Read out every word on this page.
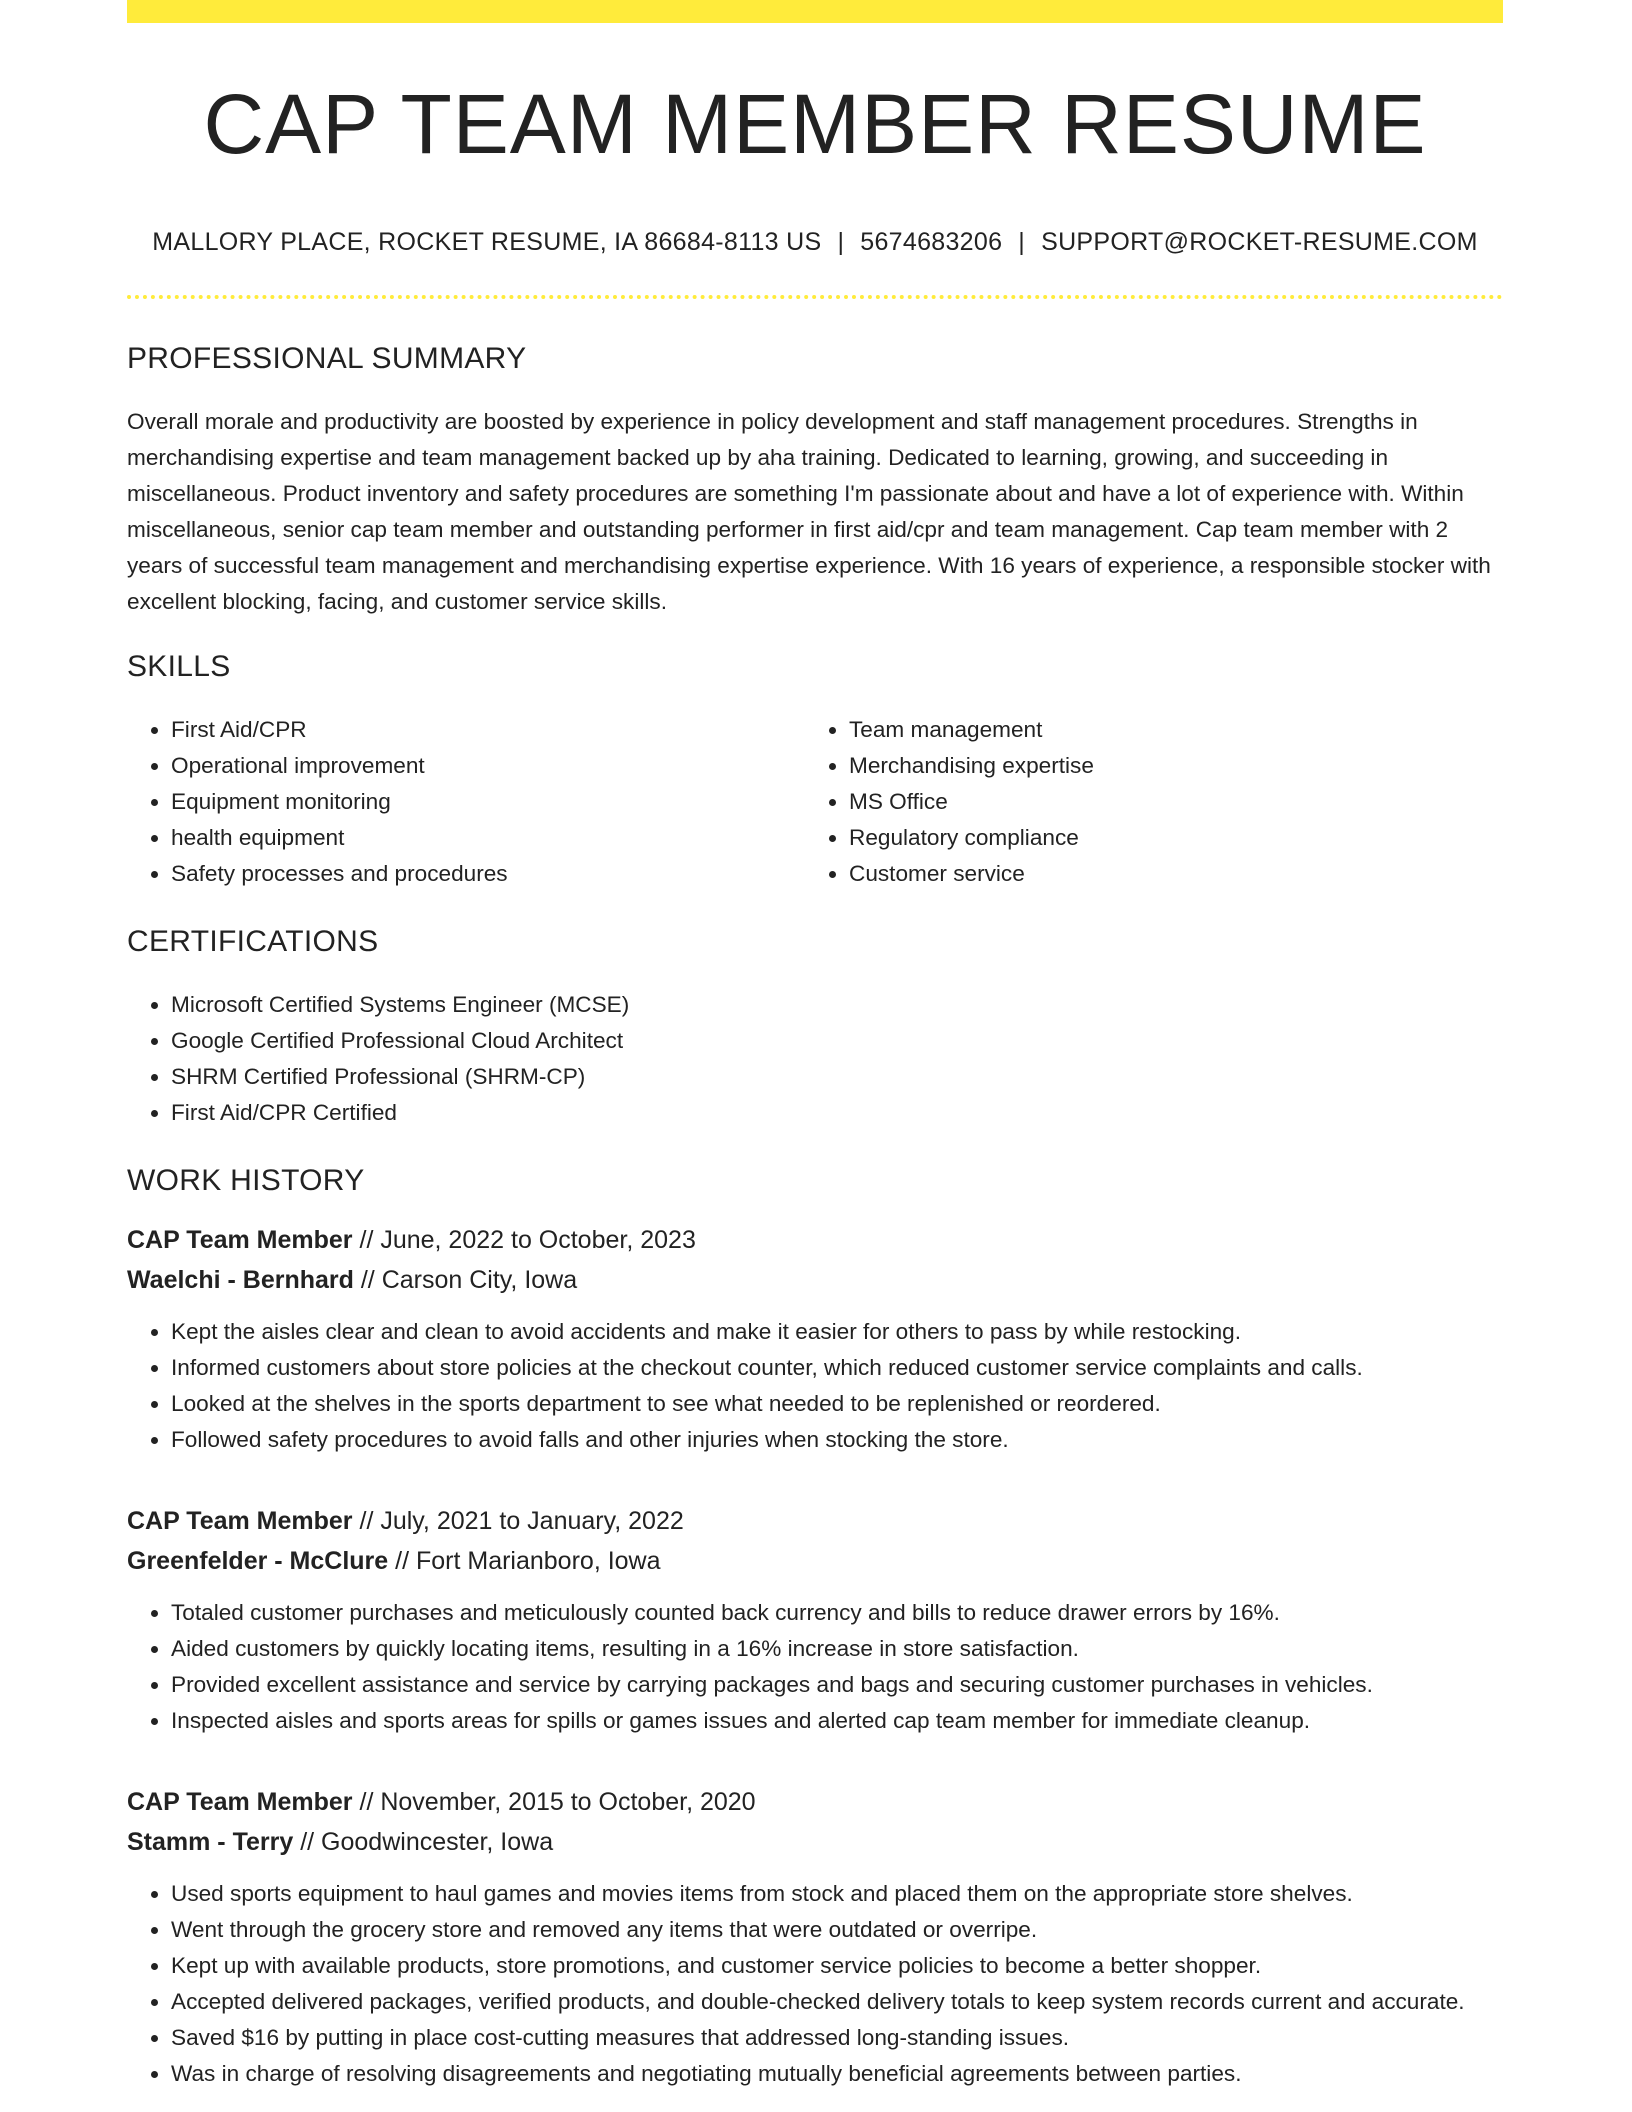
CAP TEAM MEMBER RESUME
MALLORY PLACE, ROCKET RESUME, IA 86684-8113 US | 5674683206 | SUPPORT@ROCKET-RESUME.COM
PROFESSIONAL SUMMARY

Overall morale and productivity are boosted by experience in policy development and staff management procedures. Strengths in merchandising expertise and team management backed up by aha training. Dedicated to learning, growing, and succeeding in miscellaneous. Product inventory and safety procedures are something I'm passionate about and have a lot of experience with. Within miscellaneous, senior cap team member and outstanding performer in first aid/cpr and team management. Cap team member with 2 years of successful team management and merchandising expertise experience. With 16 years of experience, a responsible stocker with excellent blocking, facing, and customer service skills.

SKILLS
• First Aid/CPR
• Operational improvement
• Equipment monitoring
• health equipment
• Safety processes and procedures
• Team management
• Merchandising expertise
• MS Office
• Regulatory compliance
• Customer service
CERTIFICATIONS
• Microsoft Certified Systems Engineer (MCSE)
• Google Certified Professional Cloud Architect
• SHRM Certified Professional (SHRM-CP)
• First Aid/CPR Certified
WORK HISTORY
CAP Team Member // June, 2022 to October, 2023
Waelchi - Bernhard // Carson City, Iowa
• Kept the aisles clear and clean to avoid accidents and make it easier for others to pass by while restocking.
• Informed customers about store policies at the checkout counter, which reduced customer service complaints and calls.
• Looked at the shelves in the sports department to see what needed to be replenished or reordered.
• Followed safety procedures to avoid falls and other injuries when stocking the store.
CAP Team Member // July, 2021 to January, 2022
Greenfelder - McClure // Fort Marianboro, Iowa
• Totaled customer purchases and meticulously counted back currency and bills to reduce drawer errors by 16%.
• Aided customers by quickly locating items, resulting in a 16% increase in store satisfaction.
• Provided excellent assistance and service by carrying packages and bags and securing customer purchases in vehicles.
• Inspected aisles and sports areas for spills or games issues and alerted cap team member for immediate cleanup.
CAP Team Member // November, 2015 to October, 2020
Stamm - Terry // Goodwincester, Iowa
• Used sports equipment to haul games and movies items from stock and placed them on the appropriate store shelves.
• Went through the grocery store and removed any items that were outdated or overripe.
• Kept up with available products, store promotions, and customer service policies to become a better shopper.
• Accepted delivered packages, verified products, and double-checked delivery totals to keep system records current and accurate.
• Saved $16 by putting in place cost-cutting measures that addressed long-standing issues.
• Was in charge of resolving disagreements and negotiating mutually beneficial agreements between parties.
